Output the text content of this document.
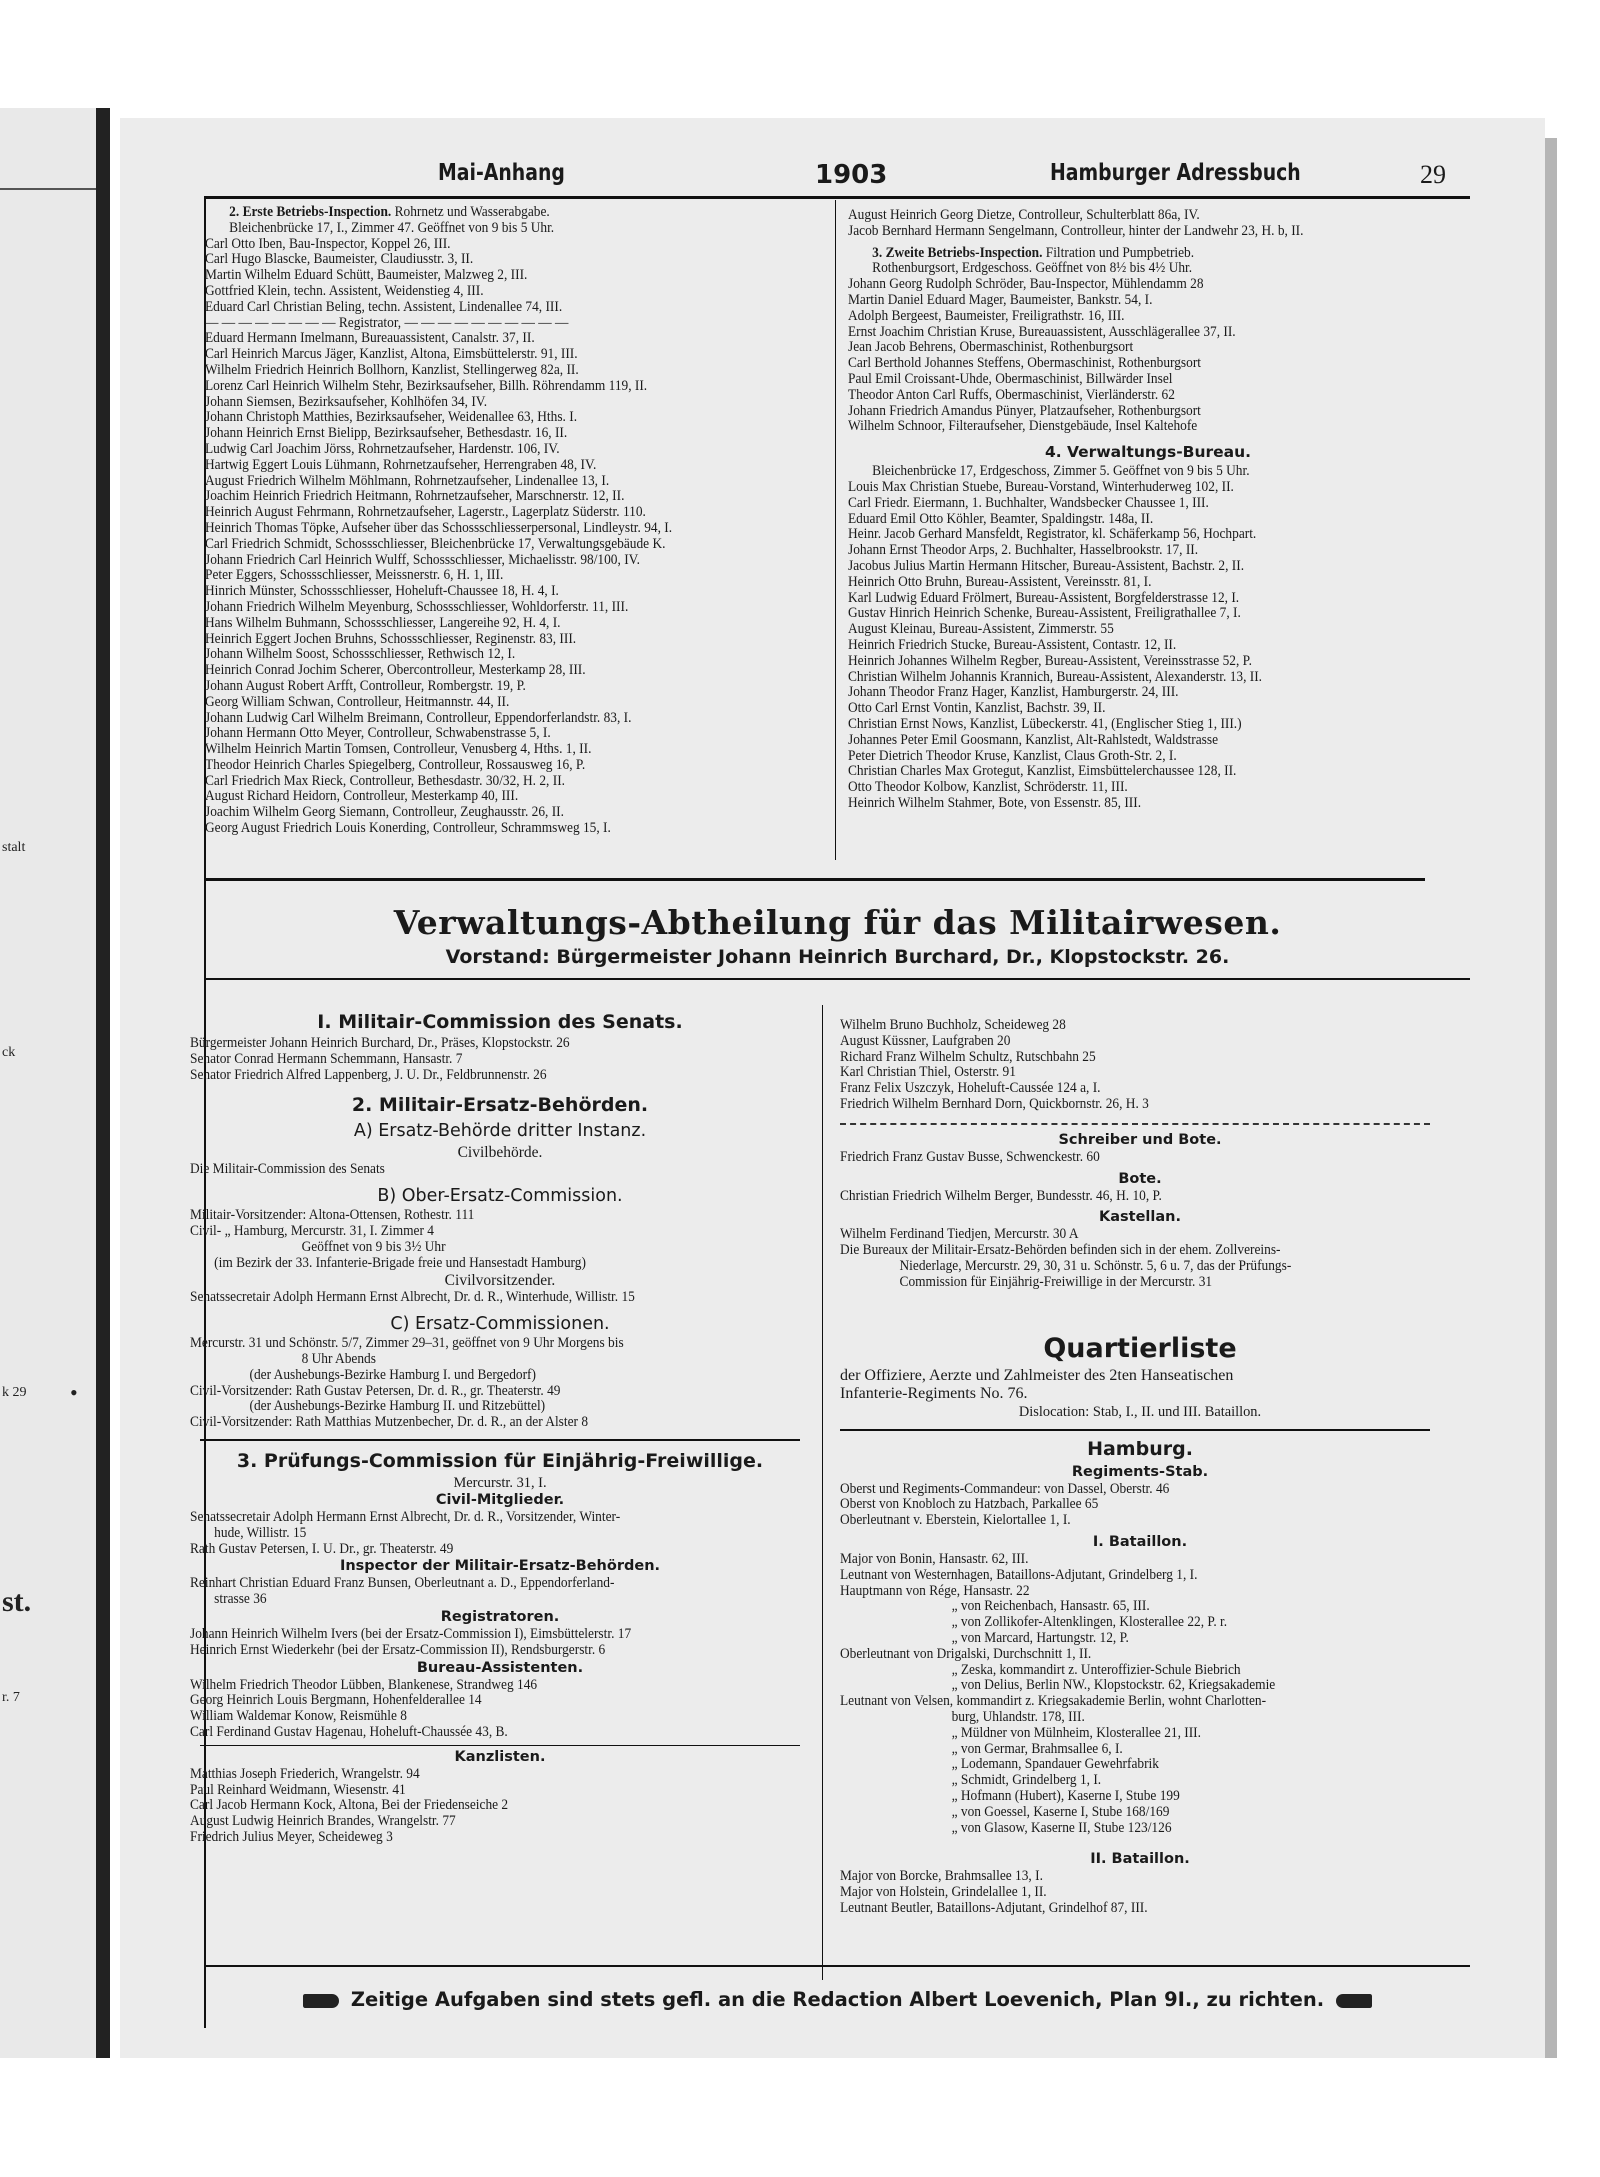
stalt
ck
k 29 •
st.
r. 7
Mai-Anhang	1903	Hamburger Adressbuch	29
2. Erste Betriebs-Inspection. Rohrnetz und Wasserabgabe.
Bleichenbrücke 17, I., Zimmer 47. Geöffnet von 9 bis 5 Uhr.
Carl Otto Iben, Bau-Inspector, Koppel 26, III.
Carl Hugo Blascke, Baumeister, Claudiusstr. 3, II.
Martin Wilhelm Eduard Schütt, Baumeister, Malzweg 2, III.
Gottfried Klein, techn. Assistent, Weidenstieg 4, III.
Eduard Carl Christian Beling, techn. Assistent, Lindenallee 74, III.
— — — — — — — — Registrator, — — — — — — — — — —
Eduard Hermann Imelmann, Bureauassistent, Canalstr. 37, II.
Carl Heinrich Marcus Jäger, Kanzlist, Altona, Eimsbüttelerstr. 91, III.
Wilhelm Friedrich Heinrich Bollhorn, Kanzlist, Stellingerweg 82a, II.
Lorenz Carl Heinrich Wilhelm Stehr, Bezirksaufseher, Billh. Röhrendamm 119, II.
Johann Siemsen, Bezirksaufseher, Kohlhöfen 34, IV.
Johann Christoph Matthies, Bezirksaufseher, Weidenallee 63, Hths. I.
Johann Heinrich Ernst Bielipp, Bezirksaufseher, Bethesdastr. 16, II.
Ludwig Carl Joachim Jörss, Rohrnetzaufseher, Hardenstr. 106, IV.
Hartwig Eggert Louis Lühmann, Rohrnetzaufseher, Herrengraben 48, IV.
August Friedrich Wilhelm Möhlmann, Rohrnetzaufseher, Lindenallee 13, I.
Joachim Heinrich Friedrich Heitmann, Rohrnetzaufseher, Marschnerstr. 12, II.
Heinrich August Fehrmann, Rohrnetzaufseher, Lagerstr., Lagerplatz Süderstr. 110.
Heinrich Thomas Töpke, Aufseher über das Schossschliesserpersonal, Lindleystr. 94, I.
Carl Friedrich Schmidt, Schossschliesser, Bleichenbrücke 17, Verwaltungsgebäude K.
Johann Friedrich Carl Heinrich Wulff, Schossschliesser, Michaelisstr. 98/100, IV.
Peter Eggers, Schossschliesser, Meissnerstr. 6, H. 1, III.
Hinrich Münster, Schossschliesser, Hoheluft-Chaussee 18, H. 4, I.
Johann Friedrich Wilhelm Meyenburg, Schossschliesser, Wohldorferstr. 11, III.
Hans Wilhelm Buhmann, Schossschliesser, Langereihe 92, H. 4, I.
Heinrich Eggert Jochen Bruhns, Schossschliesser, Reginenstr. 83, III.
Johann Wilhelm Soost, Schossschliesser, Rethwisch 12, I.
Heinrich Conrad Jochim Scherer, Obercontrolleur, Mesterkamp 28, III.
Johann August Robert Arfft, Controlleur, Rombergstr. 19, P.
Georg William Schwan, Controlleur, Heitmannstr. 44, II.
Johann Ludwig Carl Wilhelm Breimann, Controlleur, Eppendorferlandstr. 83, I.
Johann Hermann Otto Meyer, Controlleur, Schwabenstrasse 5, I.
Wilhelm Heinrich Martin Tomsen, Controlleur, Venusberg 4, Hths. 1, II.
Theodor Heinrich Charles Spiegelberg, Controlleur, Rossausweg 16, P.
Carl Friedrich Max Rieck, Controlleur, Bethesdastr. 30/32, H. 2, II.
August Richard Heidorn, Controlleur, Mesterkamp 40, III.
Joachim Wilhelm Georg Siemann, Controlleur, Zeughausstr. 26, II.
Georg August Friedrich Louis Konerding, Controlleur, Schrammsweg 15, I.
August Heinrich Georg Dietze, Controlleur, Schulterblatt 86a, IV.
Jacob Bernhard Hermann Sengelmann, Controlleur, hinter der Landwehr 23, H. b, II.
3. Zweite Betriebs-Inspection. Filtration und Pumpbetrieb.
Rothenburgsort, Erdgeschoss. Geöffnet von 8½ bis 4½ Uhr.
Johann Georg Rudolph Schröder, Bau-Inspector, Mühlendamm 28
Martin Daniel Eduard Mager, Baumeister, Bankstr. 54, I.
Adolph Bergeest, Baumeister, Freiligrathstr. 16, III.
Ernst Joachim Christian Kruse, Bureauassistent, Ausschlägerallee 37, II.
Jean Jacob Behrens, Obermaschinist, Rothenburgsort
Carl Berthold Johannes Steffens, Obermaschinist, Rothenburgsort
Paul Emil Croissant-Uhde, Obermaschinist, Billwärder Insel
Theodor Anton Carl Ruffs, Obermaschinist, Vierländerstr. 62
Johann Friedrich Amandus Pünyer, Platzaufseher, Rothenburgsort
Wilhelm Schnoor, Filteraufseher, Dienstgebäude, Insel Kaltehofe
4. Verwaltungs-Bureau.
Bleichenbrücke 17, Erdgeschoss, Zimmer 5. Geöffnet von 9 bis 5 Uhr.
Louis Max Christian Stuebe, Bureau-Vorstand, Winterhuderweg 102, II.
Carl Friedr. Eiermann, 1. Buchhalter, Wandsbecker Chaussee 1, III.
Eduard Emil Otto Köhler, Beamter, Spaldingstr. 148a, II.
Heinr. Jacob Gerhard Mansfeldt, Registrator, kl. Schäferkamp 56, Hochpart.
Johann Ernst Theodor Arps, 2. Buchhalter, Hasselbrookstr. 17, II.
Jacobus Julius Martin Hermann Hitscher, Bureau-Assistent, Bachstr. 2, II.
Heinrich Otto Bruhn, Bureau-Assistent, Vereinsstr. 81, I.
Karl Ludwig Eduard Frölmert, Bureau-Assistent, Borgfelderstrasse 12, I.
Gustav Hinrich Heinrich Schenke, Bureau-Assistent, Freiligrathallee 7, I.
August Kleinau, Bureau-Assistent, Zimmerstr. 55
Heinrich Friedrich Stucke, Bureau-Assistent, Contastr. 12, II.
Heinrich Johannes Wilhelm Regber, Bureau-Assistent, Vereinsstrasse 52, P.
Christian Wilhelm Johannis Krannich, Bureau-Assistent, Alexanderstr. 13, II.
Johann Theodor Franz Hager, Kanzlist, Hamburgerstr. 24, III.
Otto Carl Ernst Vontin, Kanzlist, Bachstr. 39, II.
Christian Ernst Nows, Kanzlist, Lübeckerstr. 41, (Englischer Stieg 1, III.)
Johannes Peter Emil Goosmann, Kanzlist, Alt-Rahlstedt, Waldstrasse
Peter Dietrich Theodor Kruse, Kanzlist, Claus Groth-Str. 2, I.
Christian Charles Max Grotegut, Kanzlist, Eimsbüttelerchaussee 128, II.
Otto Theodor Kolbow, Kanzlist, Schröderstr. 11, III.
Heinrich Wilhelm Stahmer, Bote, von Essenstr. 85, III.
Verwaltungs-Abtheilung für das Militairwesen.
Vorstand: Bürgermeister Johann Heinrich Burchard, Dr., Klopstockstr. 26.
I. Militair-Commission des Senats.
Bürgermeister Johann Heinrich Burchard, Dr., Präses, Klopstockstr. 26
Senator Conrad Hermann Schemmann, Hansastr. 7
Senator Friedrich Alfred Lappenberg, J. U. Dr., Feldbrunnenstr. 26
2. Militair-Ersatz-Behörden.
A) Ersatz-Behörde dritter Instanz.
Civilbehörde.
Die Militair-Commission des Senats
B) Ober-Ersatz-Commission.
Militair-Vorsitzender: Altona-Ottensen, Rothestr. 111
Civil- „ Hamburg, Mercurstr. 31, I. Zimmer 4
Geöffnet von 9 bis 3½ Uhr
(im Bezirk der 33. Infanterie-Brigade freie und Hansestadt Hamburg)
Civilvorsitzender.
Senatssecretair Adolph Hermann Ernst Albrecht, Dr. d. R., Winterhude, Willistr. 15
C) Ersatz-Commissionen.
Mercurstr. 31 und Schönstr. 5/7, Zimmer 29–31, geöffnet von 9 Uhr Morgens bis
8 Uhr Abends
(der Aushebungs-Bezirke Hamburg I. und Bergedorf)
Civil-Vorsitzender: Rath Gustav Petersen, Dr. d. R., gr. Theaterstr. 49
(der Aushebungs-Bezirke Hamburg II. und Ritzebüttel)
Civil-Vorsitzender: Rath Matthias Mutzenbecher, Dr. d. R., an der Alster 8
3. Prüfungs-Commission für Einjährig-Freiwillige.
Mercurstr. 31, I.
Civil-Mitglieder.
Senatssecretair Adolph Hermann Ernst Albrecht, Dr. d. R., Vorsitzender, Winter-
hude, Willistr. 15
Rath Gustav Petersen, I. U. Dr., gr. Theaterstr. 49
Inspector der Militair-Ersatz-Behörden.
Reinhart Christian Eduard Franz Bunsen, Oberleutnant a. D., Eppendorferland-
strasse 36
Registratoren.
Johann Heinrich Wilhelm Ivers (bei der Ersatz-Commission I), Eimsbüttelerstr. 17
Heinrich Ernst Wiederkehr (bei der Ersatz-Commission II), Rendsburgerstr. 6
Bureau-Assistenten.
Wilhelm Friedrich Theodor Lübben, Blankenese, Strandweg 146
Georg Heinrich Louis Bergmann, Hohenfelderallee 14
William Waldemar Konow, Reismühle 8
Carl Ferdinand Gustav Hagenau, Hoheluft-Chaussée 43, B.
Kanzlisten.
Matthias Joseph Friederich, Wrangelstr. 94
Paul Reinhard Weidmann, Wiesenstr. 41
Carl Jacob Hermann Kock, Altona, Bei der Friedenseiche 2
August Ludwig Heinrich Brandes, Wrangelstr. 77
Friedrich Julius Meyer, Scheideweg 3
Wilhelm Bruno Buchholz, Scheideweg 28
August Küssner, Laufgraben 20
Richard Franz Wilhelm Schultz, Rutschbahn 25
Karl Christian Thiel, Osterstr. 91
Franz Felix Uszczyk, Hoheluft-Caussée 124 a, I.
Friedrich Wilhelm Bernhard Dorn, Quickbornstr. 26, H. 3
Schreiber und Bote.
Friedrich Franz Gustav Busse, Schwenckestr. 60
Bote.
Christian Friedrich Wilhelm Berger, Bundesstr. 46, H. 10, P.
Kastellan.
Wilhelm Ferdinand Tiedjen, Mercurstr. 30 A
Die Bureaux der Militair-Ersatz-Behörden befinden sich in der ehem. Zollvereins-
Niederlage, Mercurstr. 29, 30, 31 u. Schönstr. 5, 6 u. 7, das der Prüfungs-
Commission für Einjährig-Freiwillige in der Mercurstr. 31
Quartierliste
der Offiziere, Aerzte und Zahlmeister des 2ten Hanseatischen
Infanterie-Regiments No. 76.
Dislocation: Stab, I., II. und III. Bataillon.
Hamburg.
Regiments-Stab.
Oberst und Regiments-Commandeur: von Dassel, Oberstr. 46
Oberst von Knobloch zu Hatzbach, Parkallee 65
Oberleutnant v. Eberstein, Kielortallee 1, I.
I. Bataillon.
Major von Bonin, Hansastr. 62, III.
Leutnant von Westernhagen, Bataillons-Adjutant, Grindelberg 1, I.
Hauptmann von Rége, Hansastr. 22
„ von Reichenbach, Hansastr. 65, III.
„ von Zollikofer-Altenklingen, Klosterallee 22, P. r.
„ von Marcard, Hartungstr. 12, P.
Oberleutnant von Drigalski, Durchschnitt 1, II.
„ Zeska, kommandirt z. Unteroffizier-Schule Biebrich
„ von Delius, Berlin NW., Klopstockstr. 62, Kriegsakademie
Leutnant von Velsen, kommandirt z. Kriegsakademie Berlin, wohnt Charlotten-
burg, Uhlandstr. 178, III.
„ Müldner von Mülnheim, Klosterallee 21, III.
„ von Germar, Brahmsallee 6, I.
„ Lodemann, Spandauer Gewehrfabrik
„ Schmidt, Grindelberg 1, I.
„ Hofmann (Hubert), Kaserne I, Stube 199
„ von Goessel, Kaserne I, Stube 168/169
„ von Glasow, Kaserne II, Stube 123/126
II. Bataillon.
Major von Borcke, Brahmsallee 13, I.
Major von Holstein, Grindelallee 1, II.
Leutnant Beutler, Bataillons-Adjutant, Grindelhof 87, III.
Zeitige Aufgaben sind stets gefl. an die Redaction Albert Loevenich, Plan 9I., zu richten.
